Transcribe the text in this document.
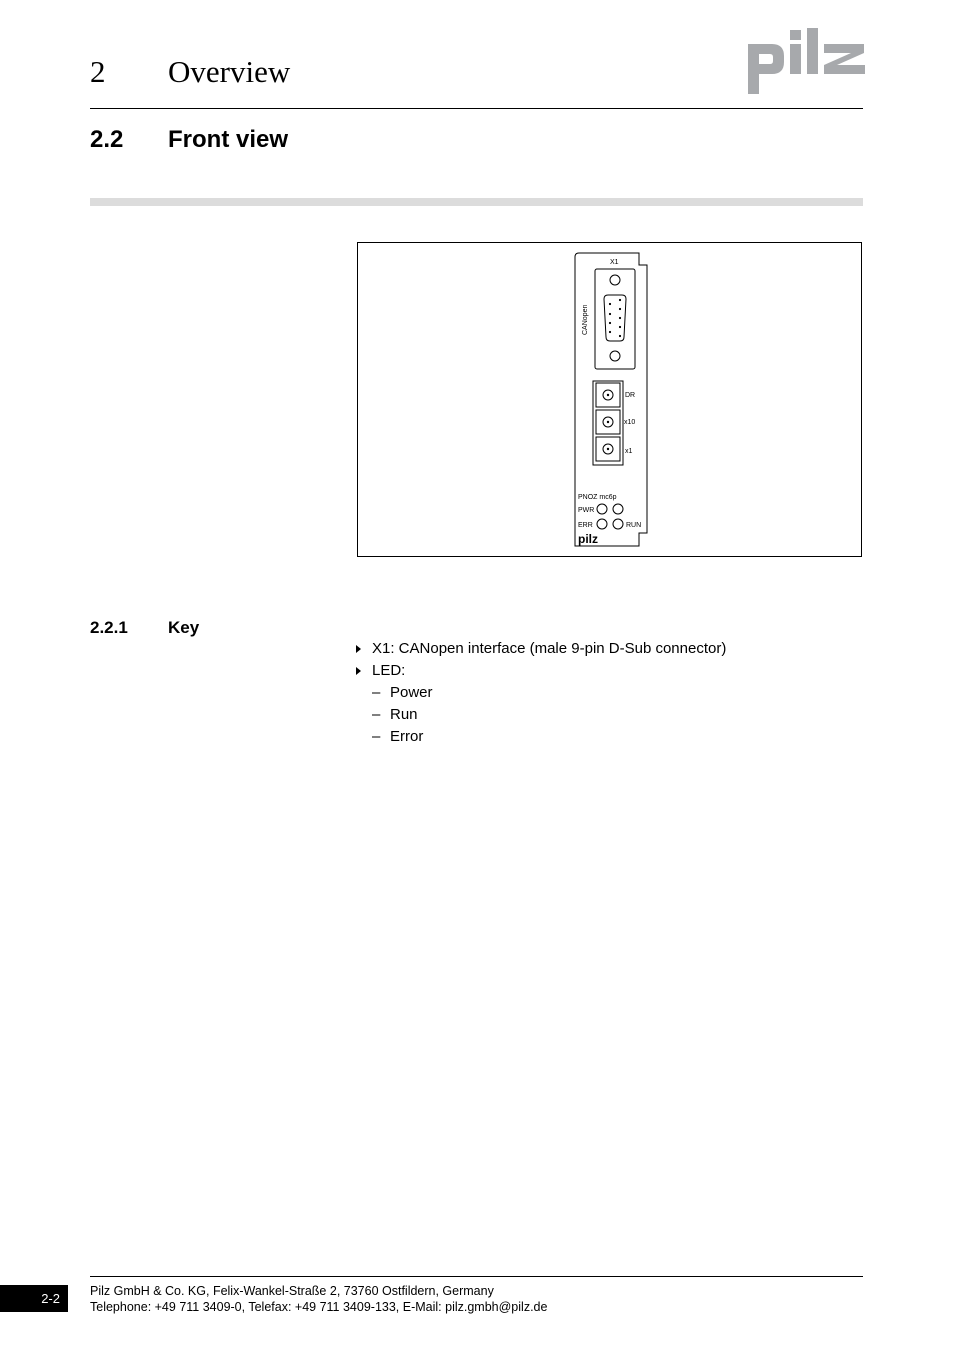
2 Overview
2.2 Front view
X1
CANopen
DR
x10
x1
PNOZ mc6p
PWR
ERR	RUN
pilz
2.2.1 Key
X1: CANopen interface (male 9-pin D-Sub connector)
LED:
– Power
– Run
– Error
2-2	Pilz GmbH & Co. KG, Felix-Wankel-Straße 2, 73760 Ostfildern, Germany
Telephone: +49 711 3409-0, Telefax: +49 711 3409-133, E-Mail: pilz.gmbh@pilz.de
